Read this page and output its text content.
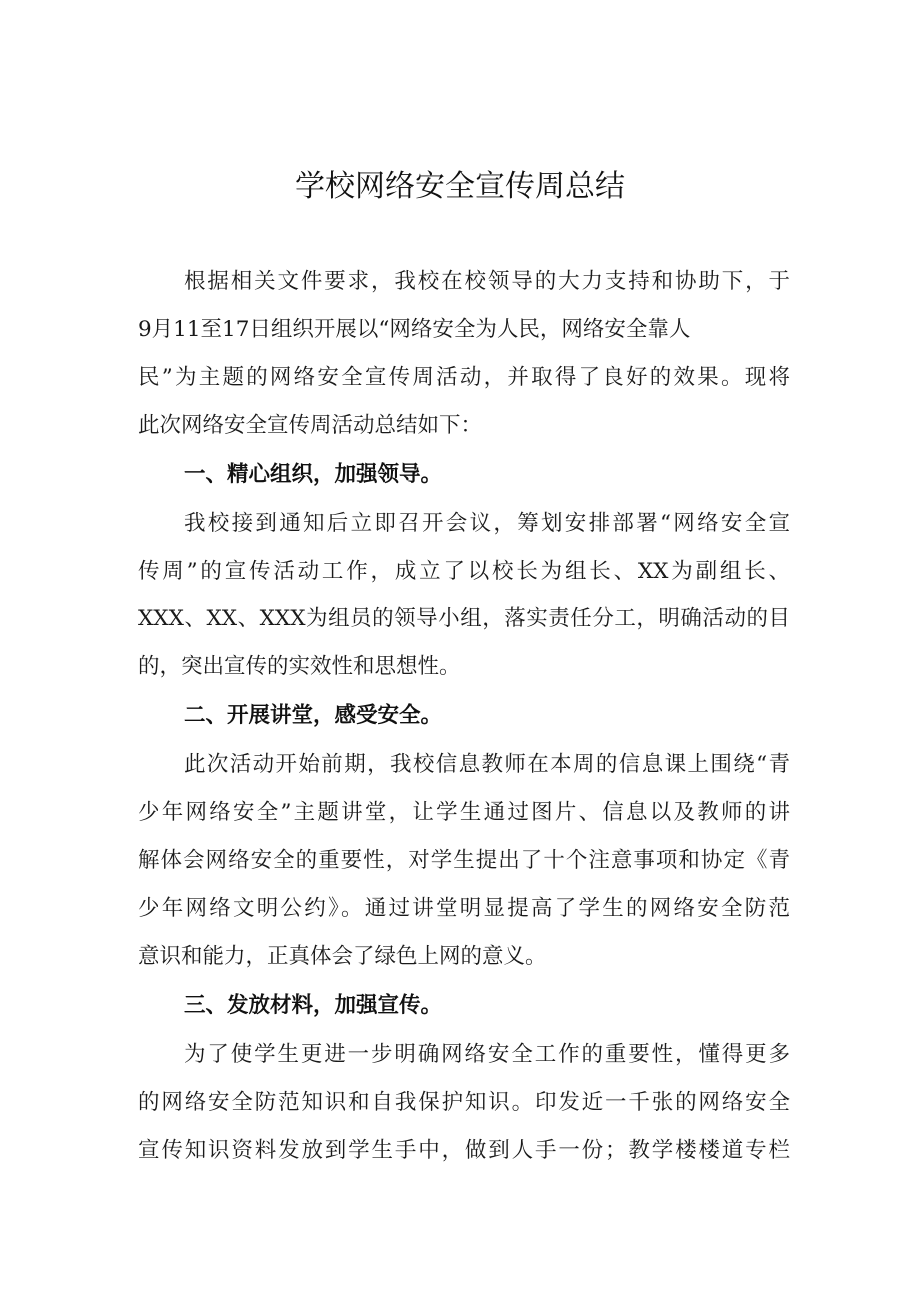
学校网络安全宣传周总结
根据相关文件要求，我校在校领导的大力支持和协助下，于
9月11至17日组织开展以“网络安全为人民，网络安全靠人
民”为主题的网络安全宣传周活动，并取得了良好的效果。现将
此次网络安全宣传周活动总结如下：
一、精心组织，加强领导。
我校接到通知后立即召开会议，筹划安排部署“网络安全宣
传周”的宣传活动工作，成立了以校长为组长、XX为副组长、
XXX、XX、XXX为组员的领导小组，落实责任分工，明确活动的目
的，突出宣传的实效性和思想性。
二、开展讲堂，感受安全。
此次活动开始前期，我校信息教师在本周的信息课上围绕“青
少年网络安全”主题讲堂，让学生通过图片、信息以及教师的讲
解体会网络安全的重要性，对学生提出了十个注意事项和协定《青
少年网络文明公约》。通过讲堂明显提高了学生的网络安全防范
意识和能力，正真体会了绿色上网的意义。
三、发放材料，加强宣传。
为了使学生更进一步明确网络安全工作的重要性，懂得更多
的网络安全防范知识和自我保护知识。印发近一千张的网络安全
宣传知识资料发放到学生手中，做到人手一份；教学楼楼道专栏
